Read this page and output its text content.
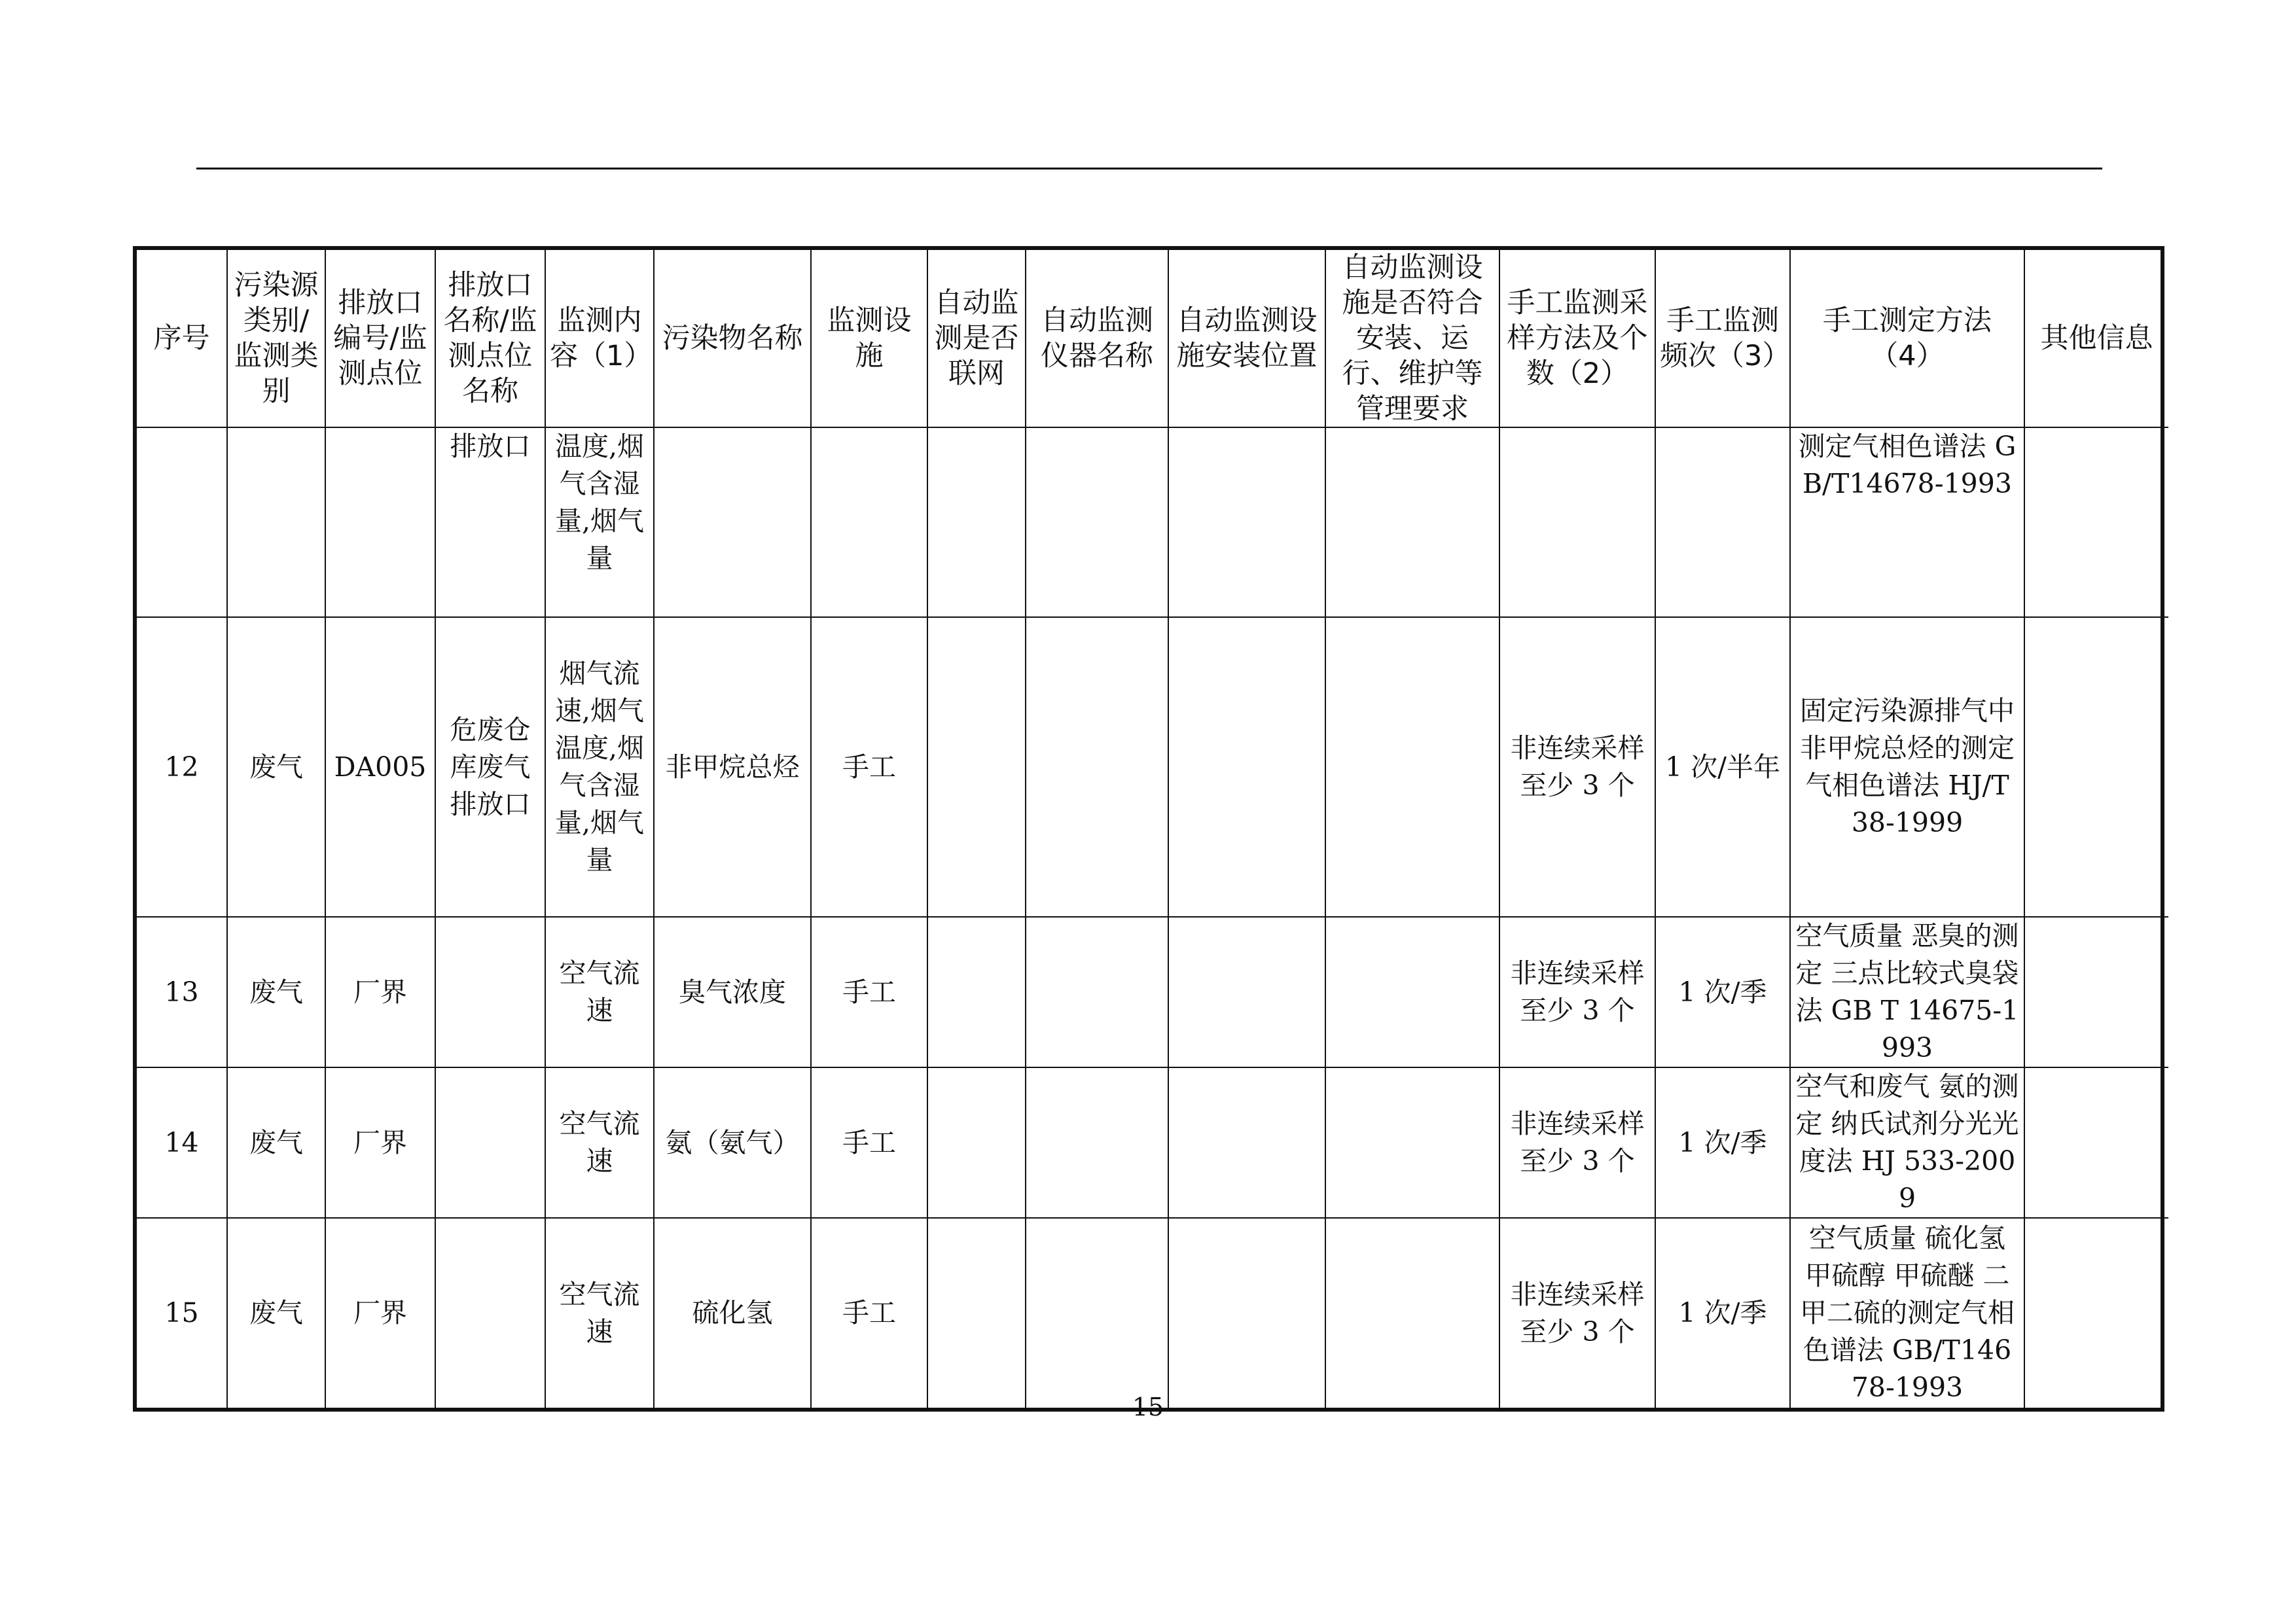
序号	污染源类别/监测类别	排放口编号/监测点位	排放口名称/监测点位名称	监测内容（1）	污染物名称	监测设施	自动监测是否联网	自动监测仪器名称	自动监测设施安装位置	自动监测设施是否符合安装、运行、维护等管理要求	手工监测采样方法及个数（2）	手工监测频次（3）	手工测定方法（4）	其他信息
			排放口	温度,烟气含湿量,烟气量									测定气相色谱法 GB/T14678-1993	
12	废气	DA005	危废仓库废气排放口	烟气流速,烟气温度,烟气含湿量,烟气量	非甲烷总烃	手工					非连续采样 至少 3 个	1 次/半年	固定污染源排气中非甲烷总烃的测定 气相色谱法 HJ/T 38-1999	
13	废气	厂界		空气流速	臭气浓度	手工					非连续采样 至少 3 个	1 次/季	空气质量 恶臭的测定 三点比较式臭袋法 GB T 14675-1993	
14	废气	厂界		空气流速	氨（氨气）	手工					非连续采样 至少 3 个	1 次/季	空气和废气 氨的测定 纳氏试剂分光光度法 HJ 533-2009	
15	废气	厂界		空气流速	硫化氢	手工					非连续采样 至少 3 个	1 次/季	空气质量 硫化氢 甲硫醇 甲硫醚 二甲二硫的测定气相色谱法 GB/T14678-1993	
15
